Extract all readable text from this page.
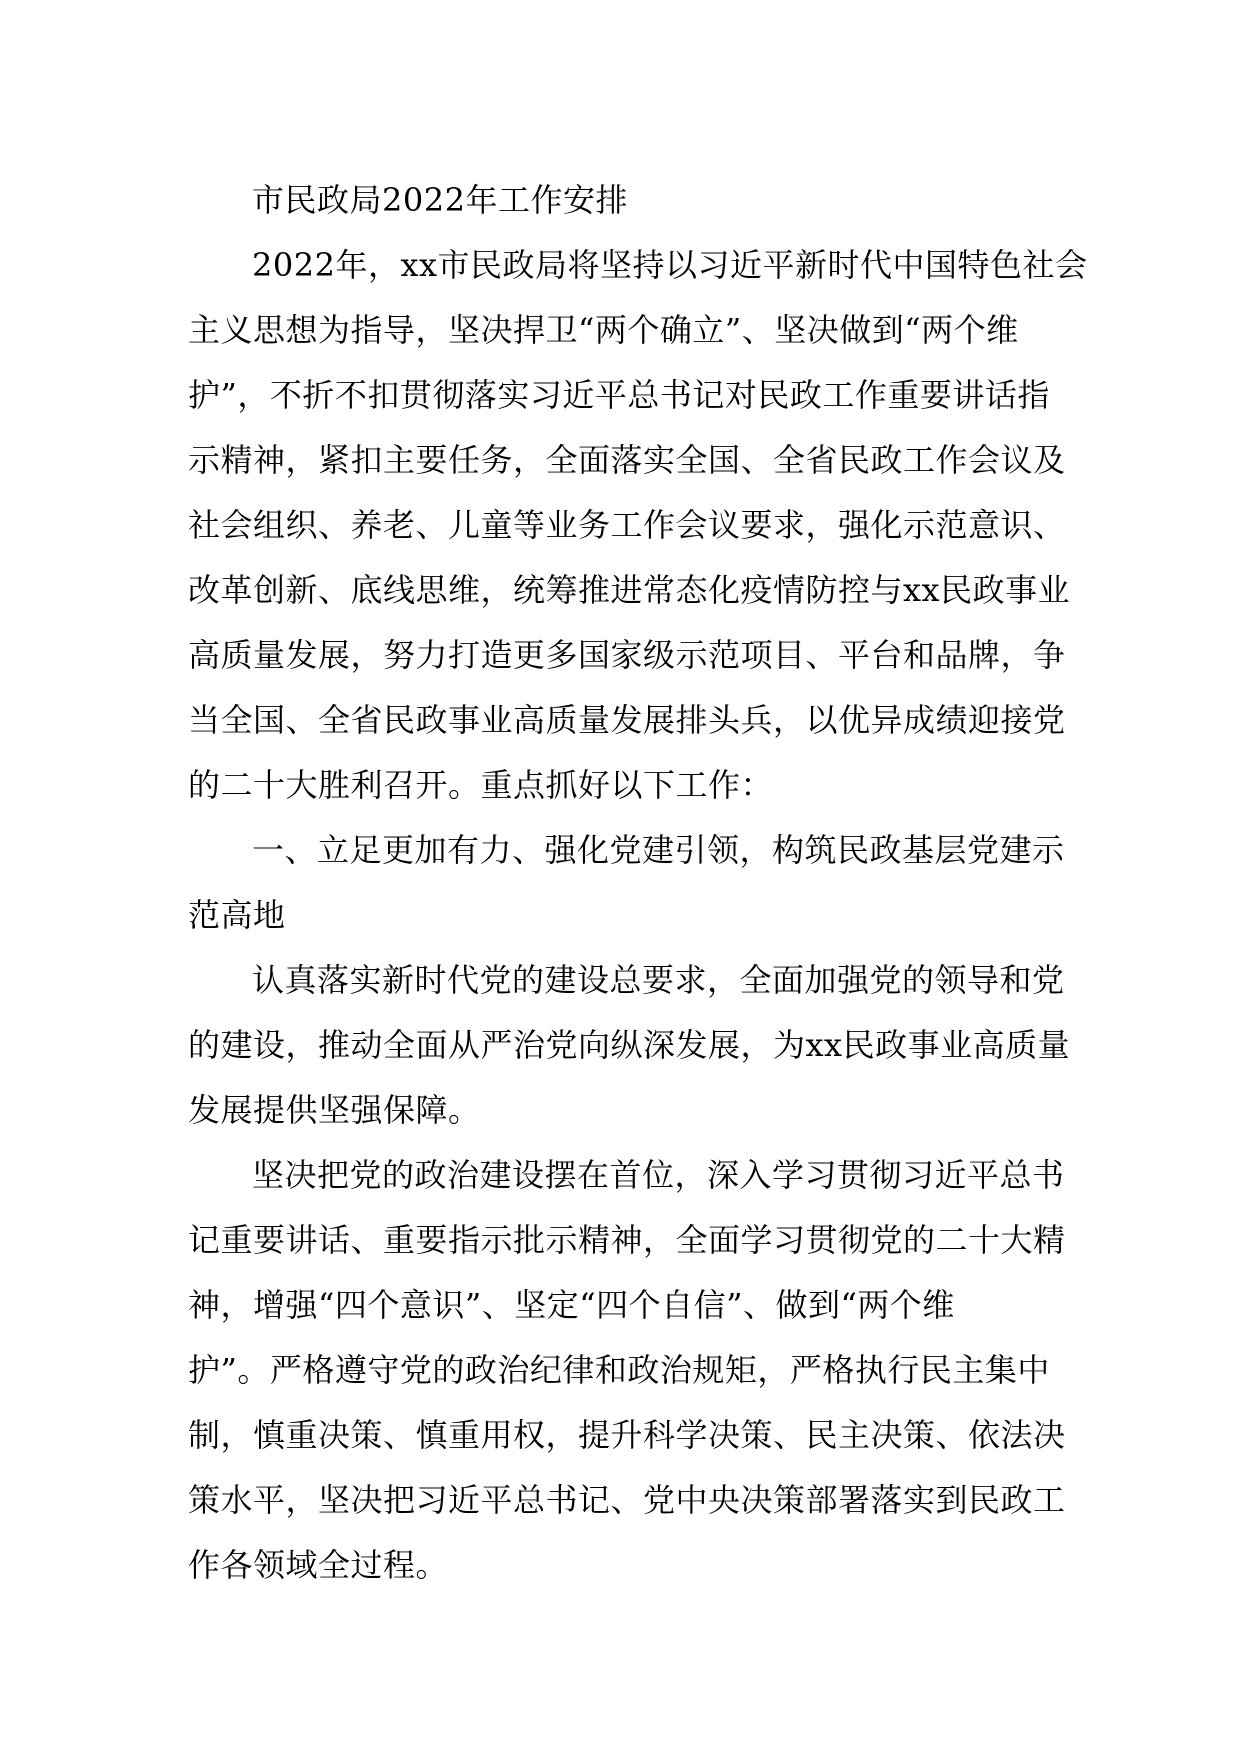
市民政局2022年工作安排
2022年，xx市民政局将坚持以习近平新时代中国特色社会
主义思想为指导，坚决捍卫“两个确立”、坚决做到“两个维
护”，不折不扣贯彻落实习近平总书记对民政工作重要讲话指
示精神，紧扣主要任务，全面落实全国、全省民政工作会议及
社会组织、养老、儿童等业务工作会议要求，强化示范意识、
改革创新、底线思维，统筹推进常态化疫情防控与xx民政事业
高质量发展，努力打造更多国家级示范项目、平台和品牌，争
当全国、全省民政事业高质量发展排头兵，以优异成绩迎接党
的二十大胜利召开。重点抓好以下工作：
一、立足更加有力、强化党建引领，构筑民政基层党建示
范高地
认真落实新时代党的建设总要求，全面加强党的领导和党
的建设，推动全面从严治党向纵深发展，为xx民政事业高质量
发展提供坚强保障。
坚决把党的政治建设摆在首位，深入学习贯彻习近平总书
记重要讲话、重要指示批示精神，全面学习贯彻党的二十大精
神，增强“四个意识”、坚定“四个自信”、做到“两个维
护”。严格遵守党的政治纪律和政治规矩，严格执行民主集中
制，慎重决策、慎重用权，提升科学决策、民主决策、依法决
策水平，坚决把习近平总书记、党中央决策部署落实到民政工
作各领域全过程。
